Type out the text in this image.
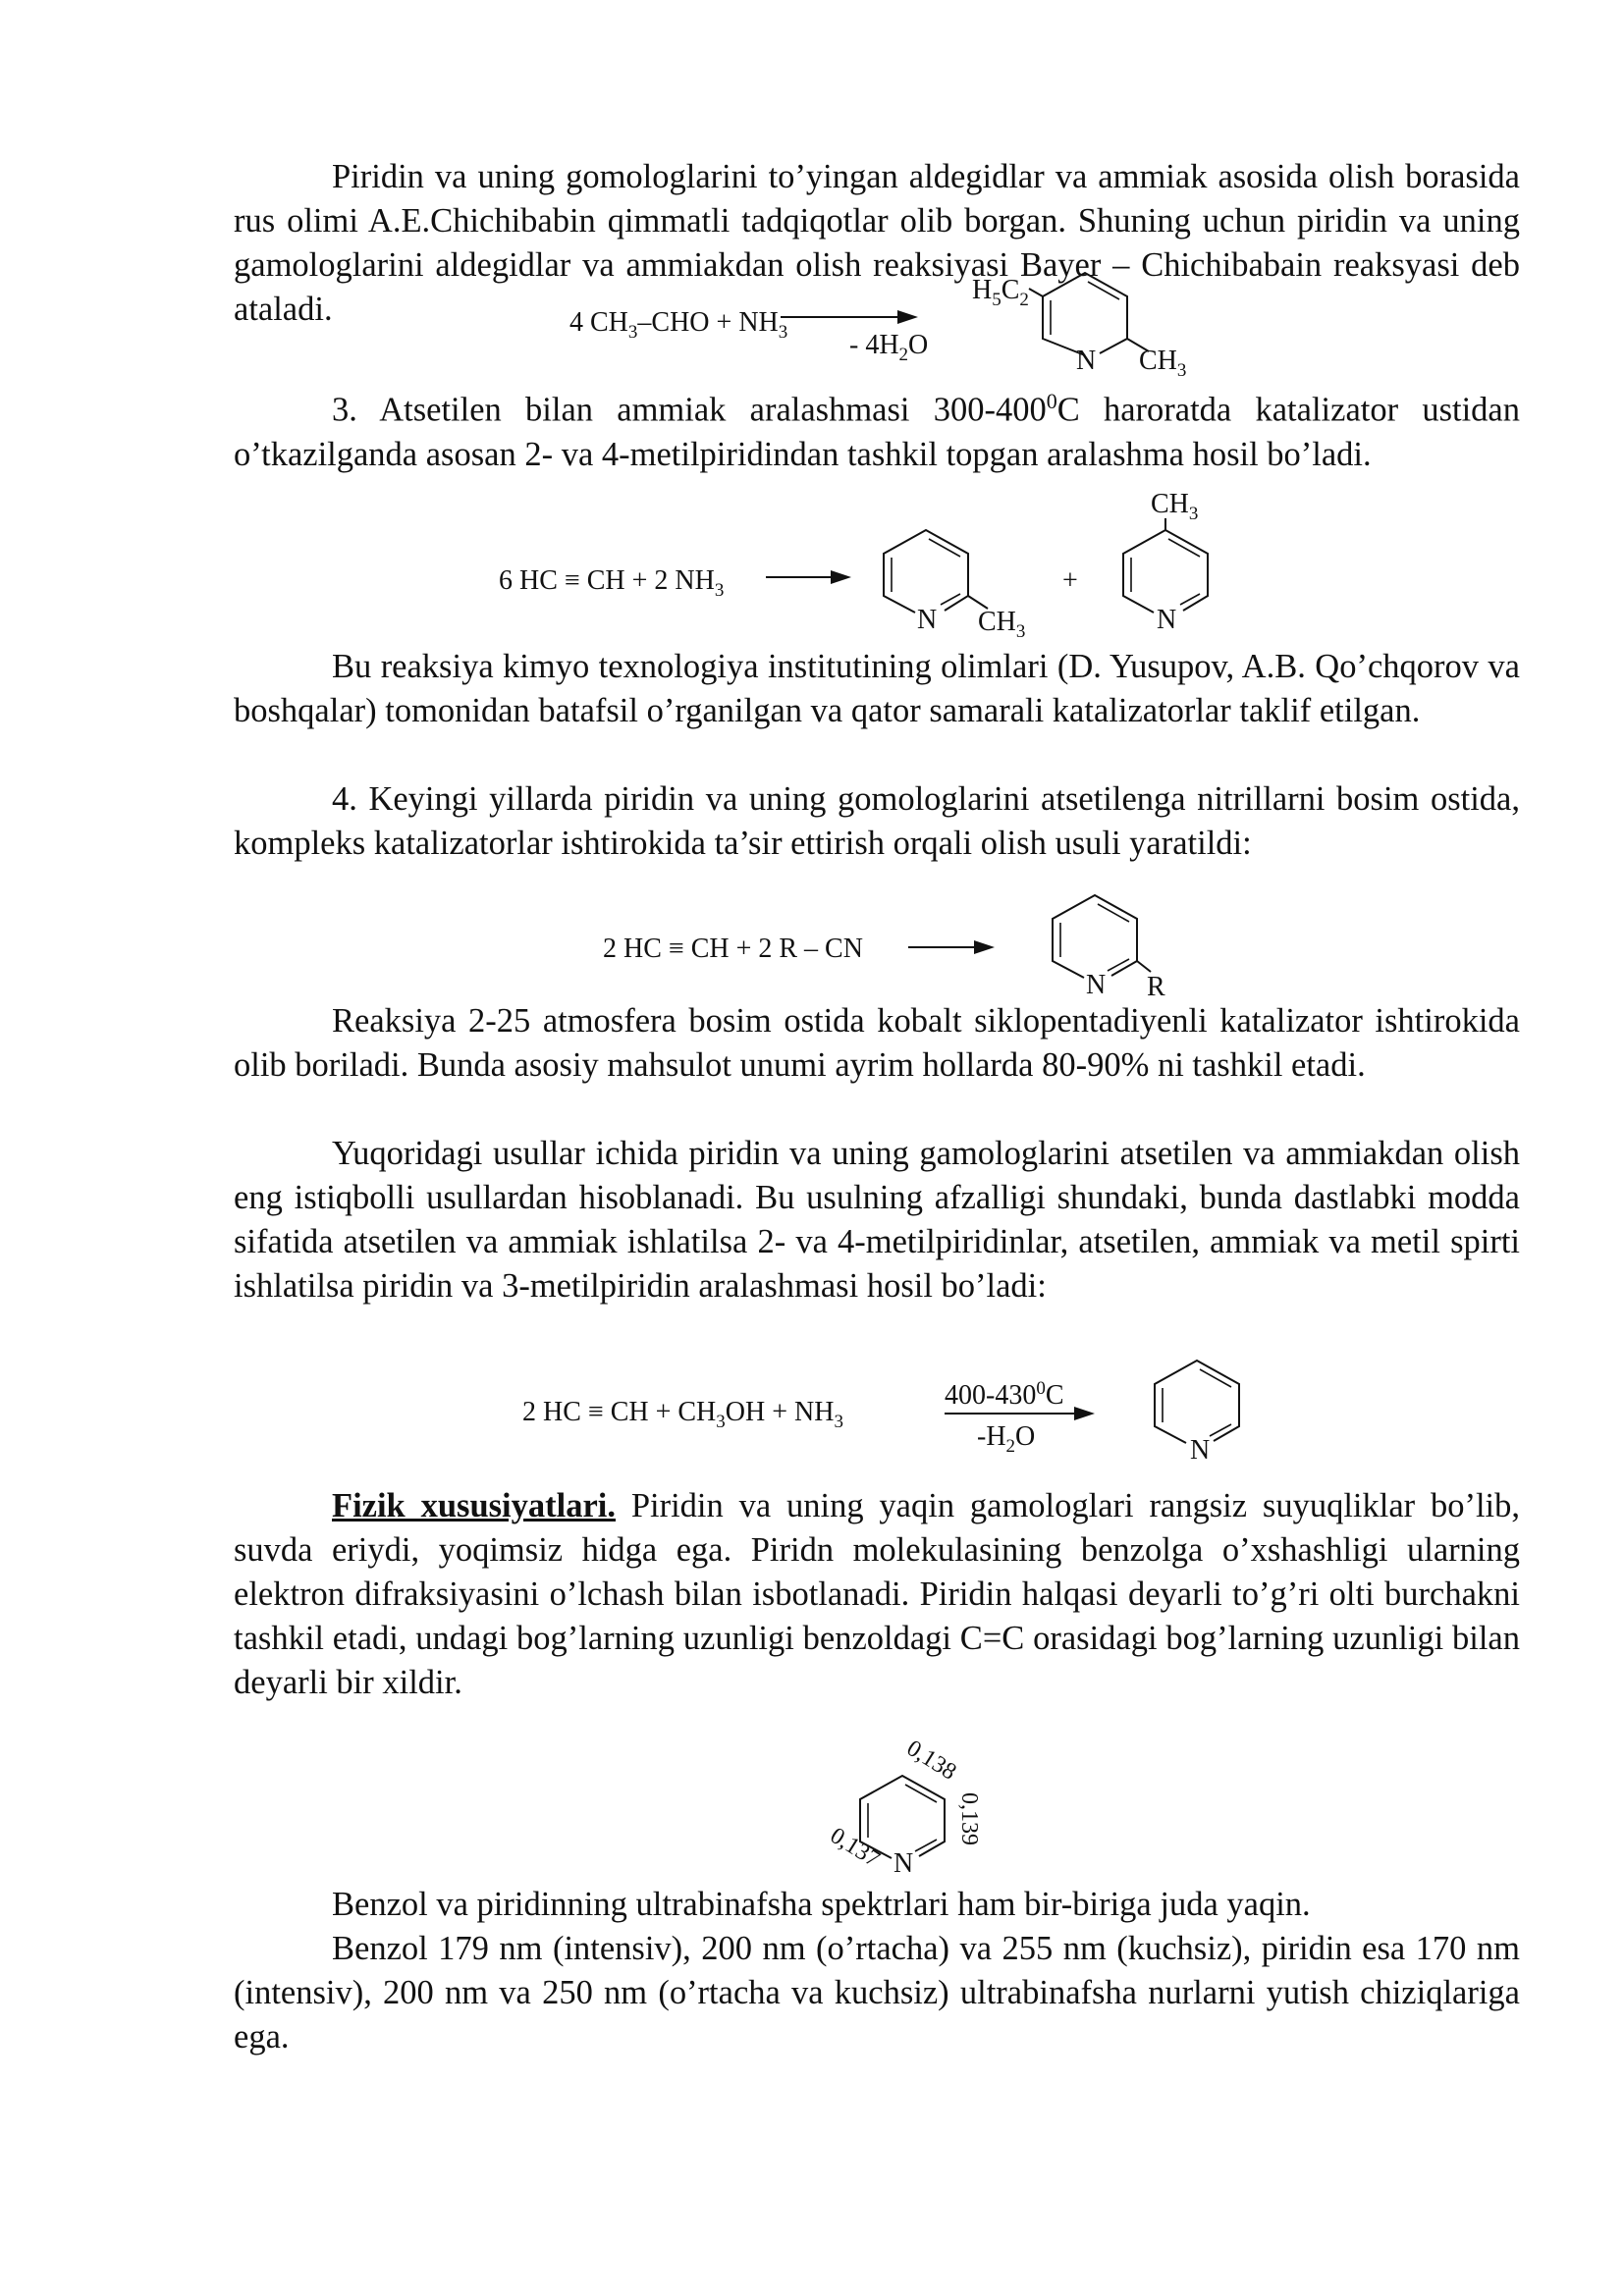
Piridin va uning gomologlarini to’yingan aldegidlar va ammiak asosida olish borasida rus olimi A.E.Chichibabin qimmatli tadqiqotlar olib borgan. Shuning uchun piridin va uning gamologlarini aldegidlar va ammiakdan olish reaksiyasi Bayer – Chichibabain reaksyasi deb ataladi.	4 $CH_3$–CHO + $NH_3 - 4H_2O$
N $CH_3$
$H_5C_2$

3. Atsetilen bilan ammiak aralashmasi $300-400^0C$ haroratda katalizator ustidan o’tkazilganda asosan 2- va 4-metilpiridindan tashkil topgan aralashma hosil bo’ladi.

6 HC ≡ CH + 2 $NH_3$
N $CH_3$
+
N
$CH_3$

Bu reaksiya kimyo texnologiya institutining olimlari (D. Yusupov, A.B. Qo’chqorov va boshqalar) tomonidan batafsil o’rganilgan va qator samarali katalizatorlar taklif etilgan.

4. Keyingi yillarda piridin va uning gomologlarini atsetilenga nitrillarni bosim ostida, kompleks katalizatorlar ishtirokida ta’sir ettirish orqali olish usuli yaratildi:

2 HC ≡ CH + 2 R – CN
N R

Reaksiya 2-25 atmosfera bosim ostida kobalt siklopentadiyenli katalizator ishtirokida olib boriladi. Bunda asosiy mahsulot unumi ayrim hollarda 80-90% ni tashkil etadi.

Yuqoridagi usullar ichida piridin va uning gamologlarini atsetilen va ammiakdan olish eng istiqbolli usullardan hisoblanadi. Bu usulning afzalligi shundaki, bunda dastlabki modda sifatida atsetilen va ammiak ishlatilsa 2- va 4-metilpiridinlar, atsetilen, ammiak va metil spirti ishlatilsa piridin va 3-metilpiridin aralashmasi hosil bo’ladi:

2 HC ≡ CH + $CH_3OH + NH_3$
$400-430^0C$
$-H_2O$	N

Fizik xususiyatlari. Piridin va uning yaqin gamologlari rangsiz suyuqliklar bo’lib, suvda eriydi, yoqimsiz hidga ega. Piridn molekulasining benzolga o’xshashligi ularning elektron difraksiyasini o’lchash bilan isbotlanadi. Piridin halqasi deyarli to’g’ri olti burchakni tashkil etadi, undagi bog’larning uzunligi benzoldagi C=C orasidagi bog’larning uzunligi bilan deyarli bir xildir.

N
0,138
0,139
0,137

Benzol va piridinning ultrabinafsha spektrlari ham bir-biriga juda yaqin.

Benzol 179 nm (intensiv), 200 nm (o’rtacha) va 255 nm (kuchsiz), piridin esa 170 nm (intensiv), 200 nm va 250 nm (o’rtacha va kuchsiz) ultrabinafsha nurlarni yutish chiziqlariga ega.
